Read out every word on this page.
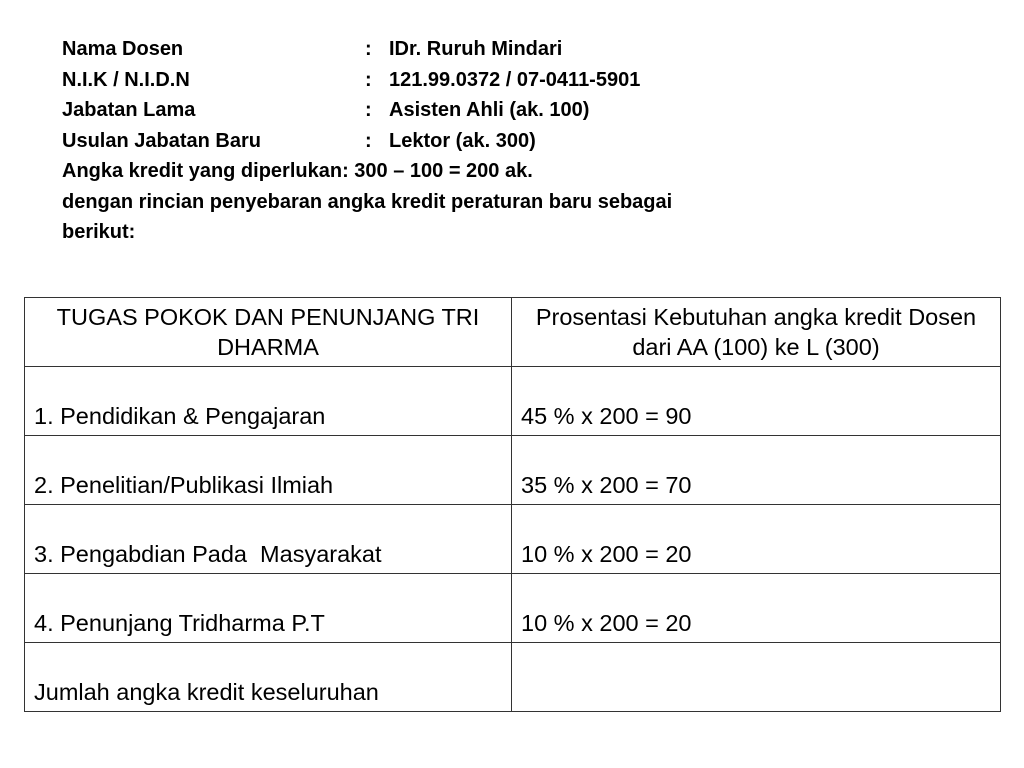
Nama Dosen	: IDr. Ruruh Mindari
N.I.K / N.I.D.N	: 121.99.0372 / 07-0411-5901
Jabatan Lama	: Asisten Ahli (ak. 100)
Usulan Jabatan Baru	: Lektor (ak. 300)
Angka kredit yang diperlukan: 300 – 100 = 200 ak.
dengan rincian penyebaran angka kredit peraturan baru sebagai
berikut:
TUGAS POKOK DAN PENUNJANG TRI DHARMA	Prosentasi Kebutuhan angka kredit Dosen dari AA (100) ke L (300)
1. Pendidikan & Pengajaran	45 % x 200 = 90
2. Penelitian/Publikasi Ilmiah	35 % x 200 = 70
3. Pengabdian Pada  Masyarakat	10 % x 200 = 20
4. Penunjang Tridharma P.T	10 % x 200 = 20
Jumlah angka kredit keseluruhan	
